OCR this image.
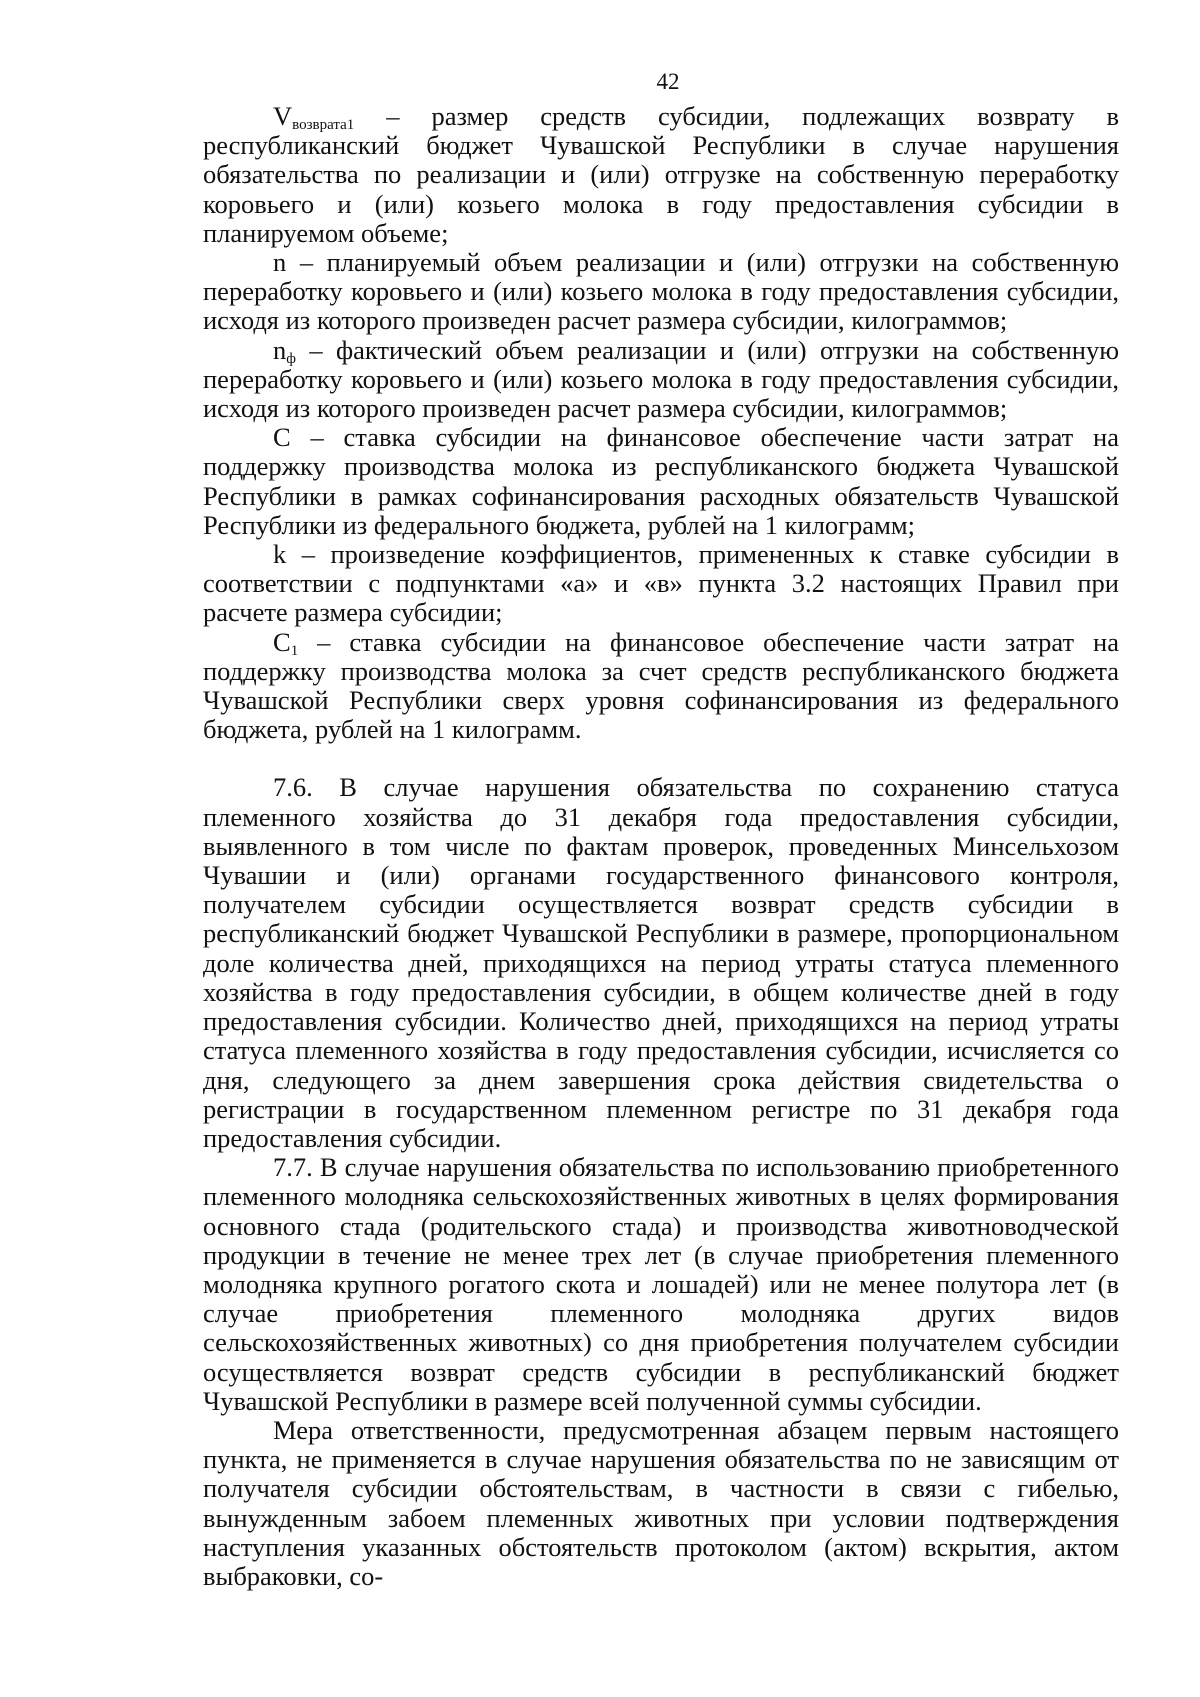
42

$V_{возврата1}$ – размер средств субсидии, подлежащих возврату в республиканский бюджет Чувашской Республики в случае нарушения обязательства по реализации и (или) отгрузке на собственную переработку коровьего и (или) козьего молока в году предоставления субсидии в планируемом объеме;

n – планируемый объем реализации и (или) отгрузки на собственную переработку коровьего и (или) козьего молока в году предоставления субсидии, исходя из которого произведен расчет размера субсидии, килограммов;

$n_ф$ – фактический объем реализации и (или) отгрузки на собственную переработку коровьего и (или) козьего молока в году предоставления субсидии, исходя из которого произведен расчет размера субсидии, килограммов;

C – ставка субсидии на финансовое обеспечение части затрат на поддержку производства молока из республиканского бюджета Чувашской Республики в рамках софинансирования расходных обязательств Чувашской Республики из федерального бюджета, рублей на 1 килограмм;

k – произведение коэффициентов, примененных к ставке субсидии в соответствии с подпунктами «а» и «в» пункта 3.2 настоящих Правил при расчете размера субсидии;

$C_1$ – ставка субсидии на финансовое обеспечение части затрат на поддержку производства молока за счет средств республиканского бюджета Чувашской Республики сверх уровня софинансирования из федерального бюджета, рублей на 1 килограмм.

7.6. В случае нарушения обязательства по сохранению статуса племенного хозяйства до 31 декабря года предоставления субсидии, выявленного в том числе по фактам проверок, проведенных Минсельхозом Чувашии и (или) органами государственного финансового контроля, получателем субсидии осуществляется возврат средств субсидии в республиканский бюджет Чувашской Республики в размере, пропорциональном доле количества дней, приходящихся на период утраты статуса племенного хозяйства в году предоставления субсидии, в общем количестве дней в году предоставления субсидии. Количество дней, приходящихся на период утраты статуса племенного хозяйства в году предоставления субсидии, исчисляется со дня, следующего за днем завершения срока действия свидетельства о регистрации в государственном племенном регистре по 31 декабря года предоставления субсидии.

7.7. В случае нарушения обязательства по использованию приобретенного племенного молодняка сельскохозяйственных животных в целях формирования основного стада (родительского стада) и производства животноводческой продукции в течение не менее трех лет (в случае приобретения племенного молодняка крупного рогатого скота и лошадей) или не менее полутора лет (в случае приобретения племенного молодняка других видов сельскохозяйственных животных) со дня приобретения получателем субсидии осуществляется возврат средств субсидии в республиканский бюджет Чувашской Республики в размере всей полученной суммы субсидии.

Мера ответственности, предусмотренная абзацем первым настоящего пункта, не применяется в случае нарушения обязательства по не зависящим от получателя субсидии обстоятельствам, в частности в связи с гибелью, вынужденным забоем племенных животных при условии подтверждения наступления указанных обстоятельств протоколом (актом) вскрытия, актом выбраковки, со-
